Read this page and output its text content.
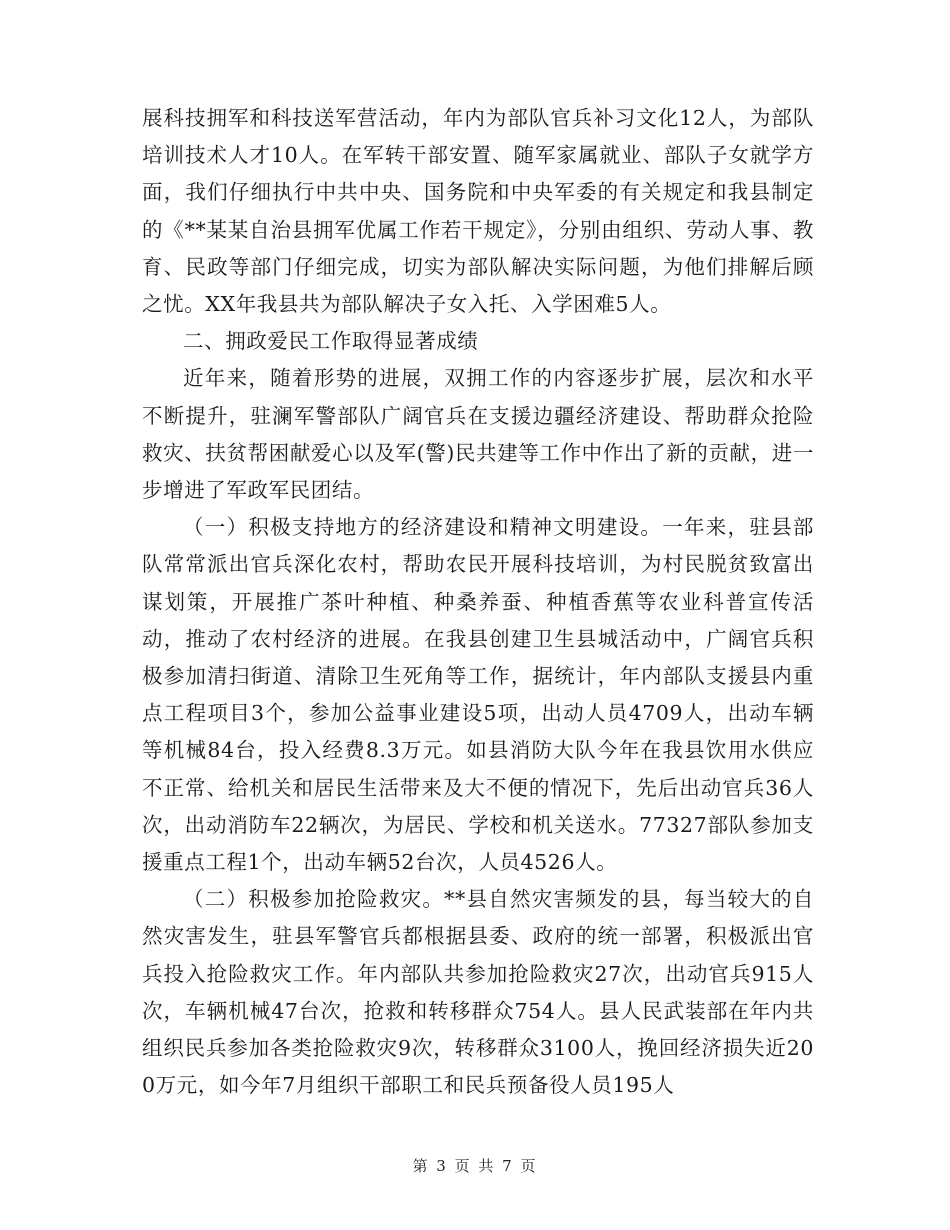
展科技拥军和科技送军营活动，年内为部队官兵补习文化12人，为部队培训技术人才10人。在军转干部安置、随军家属就业、部队子女就学方面，我们仔细执行中共中央、国务院和中央军委的有关规定和我县制定的《**某某自治县拥军优属工作若干规定》，分别由组织、劳动人事、教育、民政等部门仔细完成，切实为部队解决实际问题，为他们排解后顾之忧。XX年我县共为部队解决子女入托、入学困难5人。

二、拥政爱民工作取得显著成绩

近年来，随着形势的进展，双拥工作的内容逐步扩展，层次和水平不断提升，驻澜军警部队广阔官兵在支援边疆经济建设、帮助群众抢险救灾、扶贫帮困献爱心以及军(警)民共建等工作中作出了新的贡献，进一步增进了军政军民团结。

（一）积极支持地方的经济建设和精神文明建设。一年来，驻县部队常常派出官兵深化农村，帮助农民开展科技培训，为村民脱贫致富出谋划策，开展推广茶叶种植、种桑养蚕、种植香蕉等农业科普宣传活动，推动了农村经济的进展。在我县创建卫生县城活动中，广阔官兵积极参加清扫街道、清除卫生死角等工作，据统计，年内部队支援县内重点工程项目3个，参加公益事业建设5项，出动人员4709人，出动车辆等机械84台，投入经费8.3万元。如县消防大队今年在我县饮用水供应不正常、给机关和居民生活带来及大不便的情况下，先后出动官兵36人次，出动消防车22辆次，为居民、学校和机关送水。77327部队参加支援重点工程1个，出动车辆52台次，人员4526人。

（二）积极参加抢险救灾。**县自然灾害频发的县，每当较大的自然灾害发生，驻县军警官兵都根据县委、政府的统一部署，积极派出官兵投入抢险救灾工作。年内部队共参加抢险救灾27次，出动官兵915人次，车辆机械47台次，抢救和转移群众754人。县人民武装部在年内共组织民兵参加各类抢险救灾9次，转移群众3100人，挽回经济损失近200万元，如今年7月组织干部职工和民兵预备役人员195人

第 3 页 共 7 页
